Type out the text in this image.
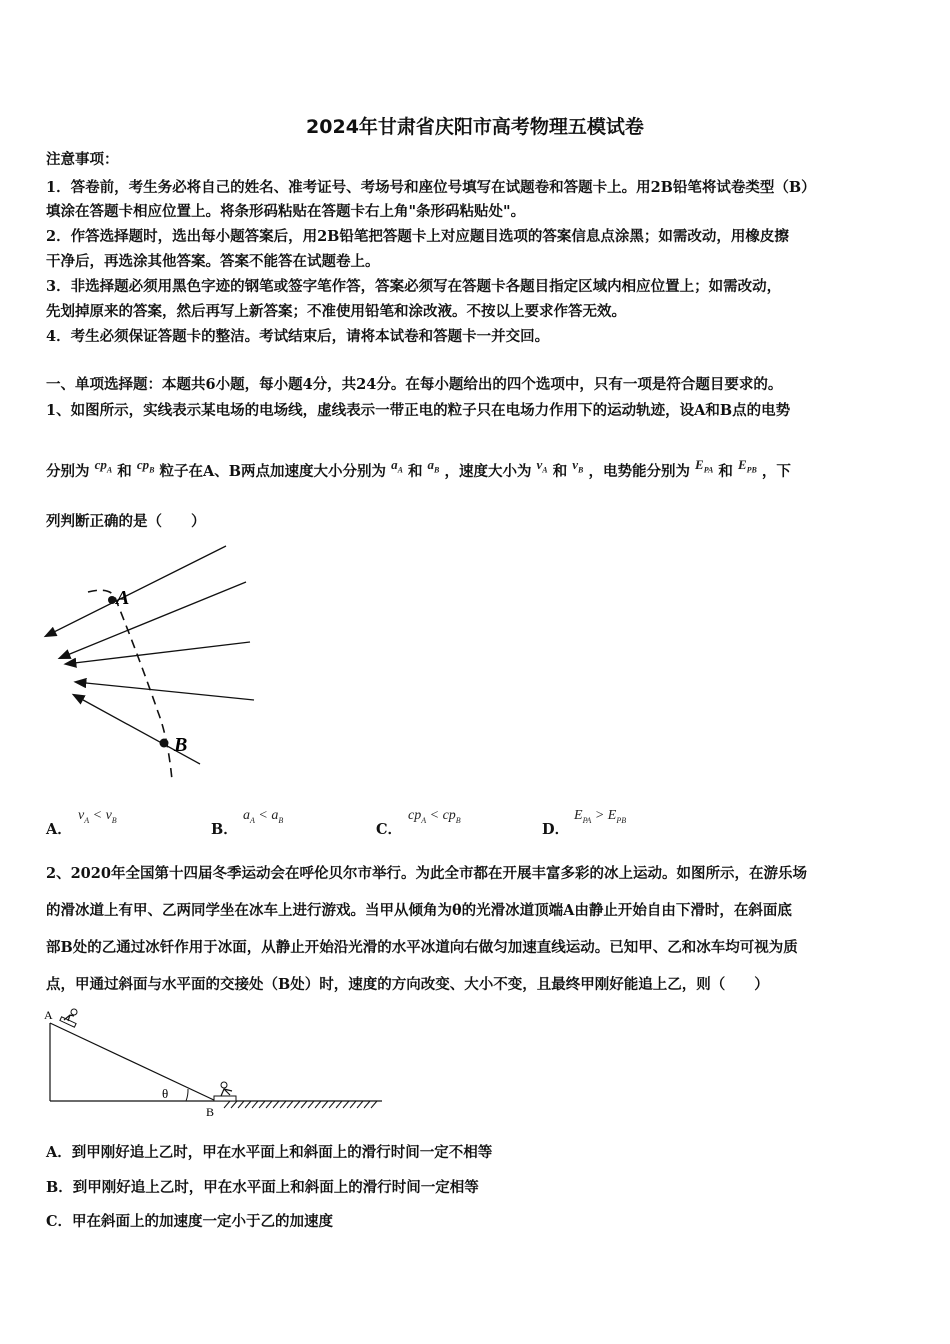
2024年甘肃省庆阳市高考物理五模试卷
注意事项：
1．答卷前，考生务必将自己的姓名、准考证号、考场号和座位号填写在试题卷和答题卡上。用2B铅笔将试卷类型（B）
填涂在答题卡相应位置上。将条形码粘贴在答题卡右上角"条形码粘贴处"。
2．作答选择题时，选出每小题答案后，用2B铅笔把答题卡上对应题目选项的答案信息点涂黑；如需改动，用橡皮擦
干净后，再选涂其他答案。答案不能答在试题卷上。
3．非选择题必须用黑色字迹的钢笔或签字笔作答，答案必须写在答题卡各题目指定区域内相应位置上；如需改动，
先划掉原来的答案，然后再写上新答案；不准使用铅笔和涂改液。不按以上要求作答无效。
4．考生必须保证答题卡的整洁。考试结束后，请将本试卷和答题卡一并交回。
一、单项选择题：本题共6小题，每小题4分，共24分。在每小题给出的四个选项中，只有一项是符合题目要求的。
1、如图所示，实线表示某电场的电场线，虚线表示一带正电的粒子只在电场力作用下的运动轨迹，设A和B点的电势
分别为 $cp_A$ 和 $cp_B$ 粒子在A、B两点加速度大小分别为 $a_A$ 和 $a_B$ ，速度大小为 $v_A$ 和 $v_B$ ，电势能分别为 $E_{PA}$ 和 $E_{PB}$ ，下
列判断正确的是（　　）
A
B
A．
$v_A < v_B$
B．
$a_A < a_B$
C．
$cp_A < cp_B$
D．
$E_{PA} > E_{PB}$
2、2020年全国第十四届冬季运动会在呼伦贝尔市举行。为此全市都在开展丰富多彩的冰上运动。如图所示，在游乐场
的滑冰道上有甲、乙两同学坐在冰车上进行游戏。当甲从倾角为θ的光滑冰道顶端A由静止开始自由下滑时，在斜面底
部B处的乙通过冰钎作用于冰面，从静止开始沿光滑的水平冰道向右做匀加速直线运动。已知甲、乙和冰车均可视为质
点，甲通过斜面与水平面的交接处（B处）时，速度的方向改变、大小不变，且最终甲刚好能追上乙，则（　　）
A
B
θ
A．到甲刚好追上乙时，甲在水平面上和斜面上的滑行时间一定不相等
B．到甲刚好追上乙时，甲在水平面上和斜面上的滑行时间一定相等
C．甲在斜面上的加速度一定小于乙的加速度
